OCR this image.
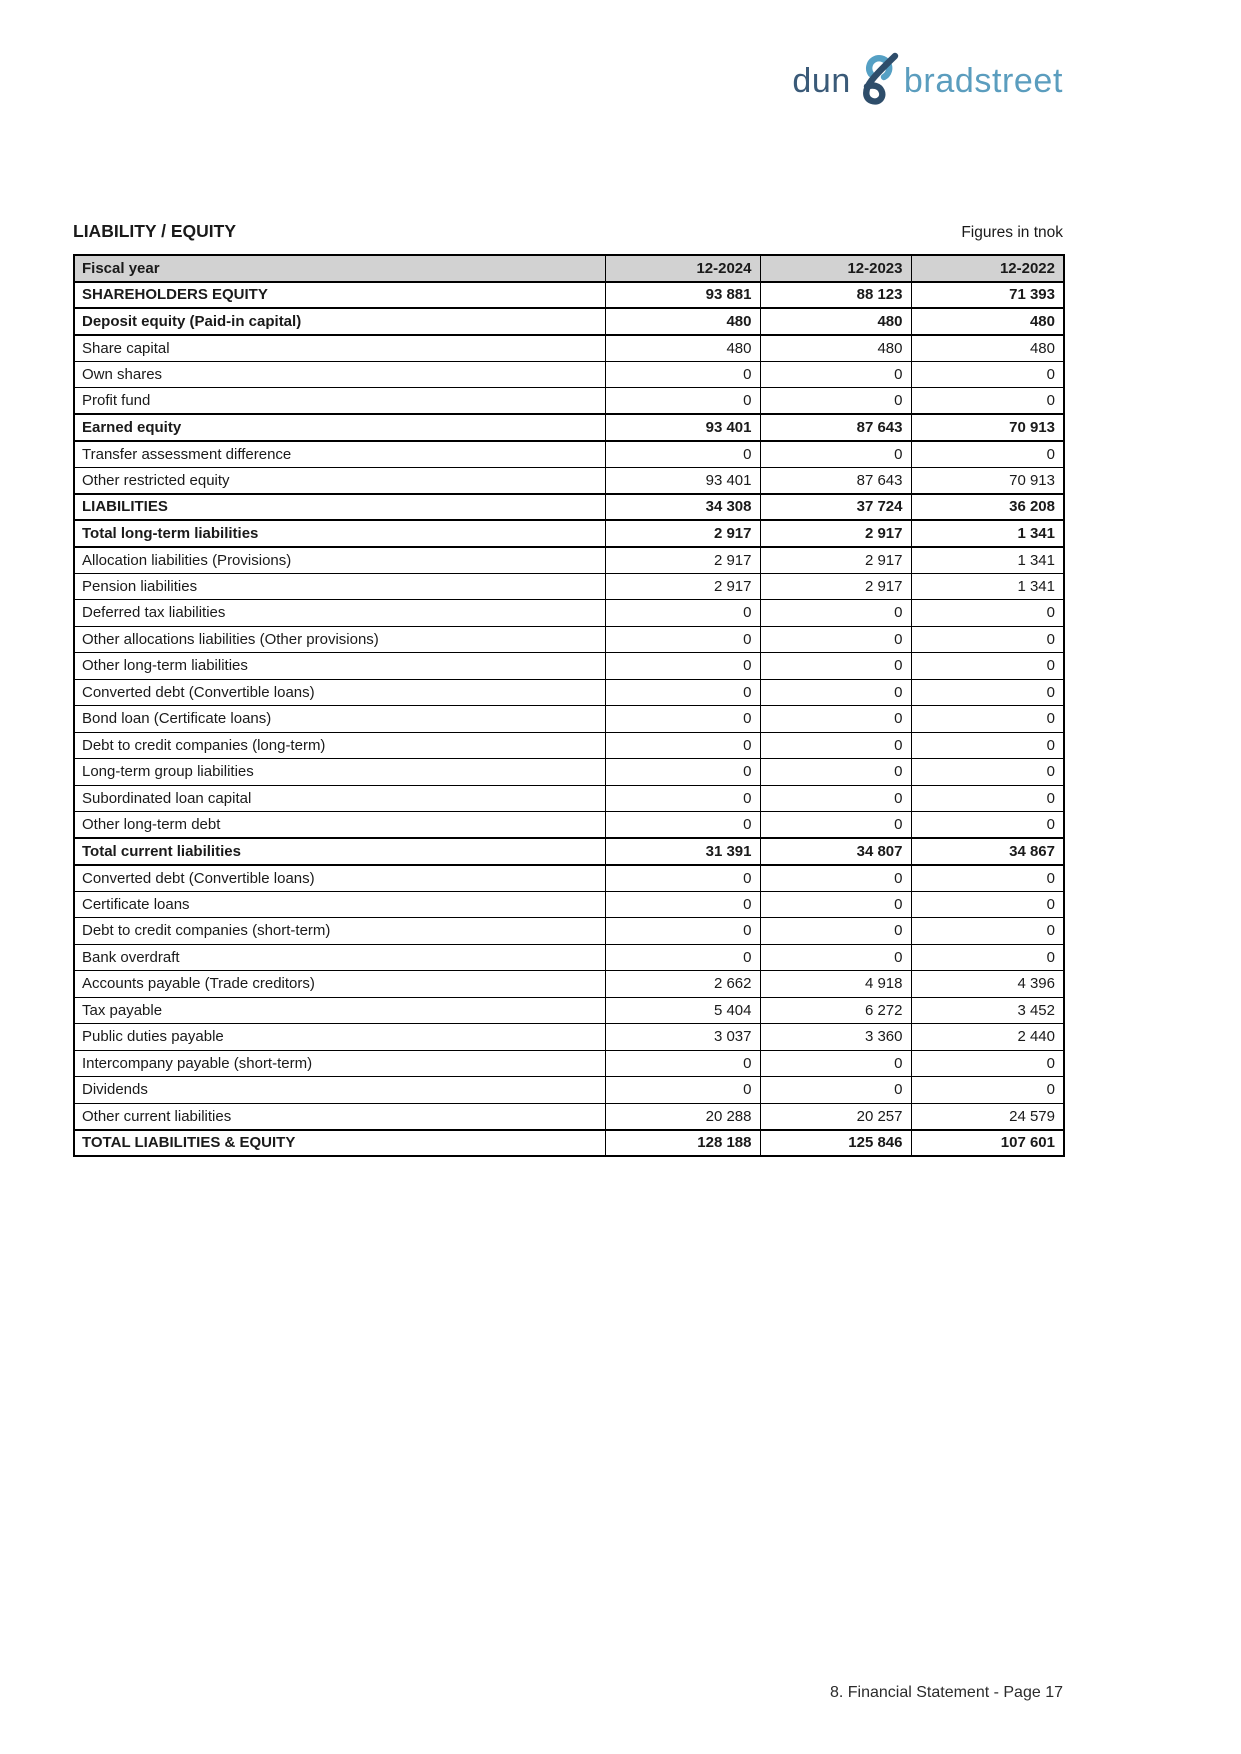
dun bradstreet
LIABILITY / EQUITY	Figures in tnok
Fiscal year	12-2024	12-2023	12-2022
SHAREHOLDERS EQUITY	93 881	88 123	71 393
Deposit equity (Paid-in capital)	480	480	480
Share capital	480	480	480
Own shares	0	0	0
Profit fund	0	0	0
Earned equity	93 401	87 643	70 913
Transfer assessment difference	0	0	0
Other restricted equity	93 401	87 643	70 913
LIABILITIES	34 308	37 724	36 208
Total long-term liabilities	2 917	2 917	1 341
Allocation liabilities (Provisions)	2 917	2 917	1 341
Pension liabilities	2 917	2 917	1 341
Deferred tax liabilities	0	0	0
Other allocations liabilities (Other provisions)	0	0	0
Other long-term liabilities	0	0	0
Converted debt (Convertible loans)	0	0	0
Bond loan (Certificate loans)	0	0	0
Debt to credit companies (long-term)	0	0	0
Long-term group liabilities	0	0	0
Subordinated loan capital	0	0	0
Other long-term debt	0	0	0
Total current liabilities	31 391	34 807	34 867
Converted debt (Convertible loans)	0	0	0
Certificate loans	0	0	0
Debt to credit companies (short-term)	0	0	0
Bank overdraft	0	0	0
Accounts payable (Trade creditors)	2 662	4 918	4 396
Tax payable	5 404	6 272	3 452
Public duties payable	3 037	3 360	2 440
Intercompany payable (short-term)	0	0	0
Dividends	0	0	0
Other current liabilities	20 288	20 257	24 579
TOTAL LIABILITIES & EQUITY	128 188	125 846	107 601
8. Financial Statement - Page 17
